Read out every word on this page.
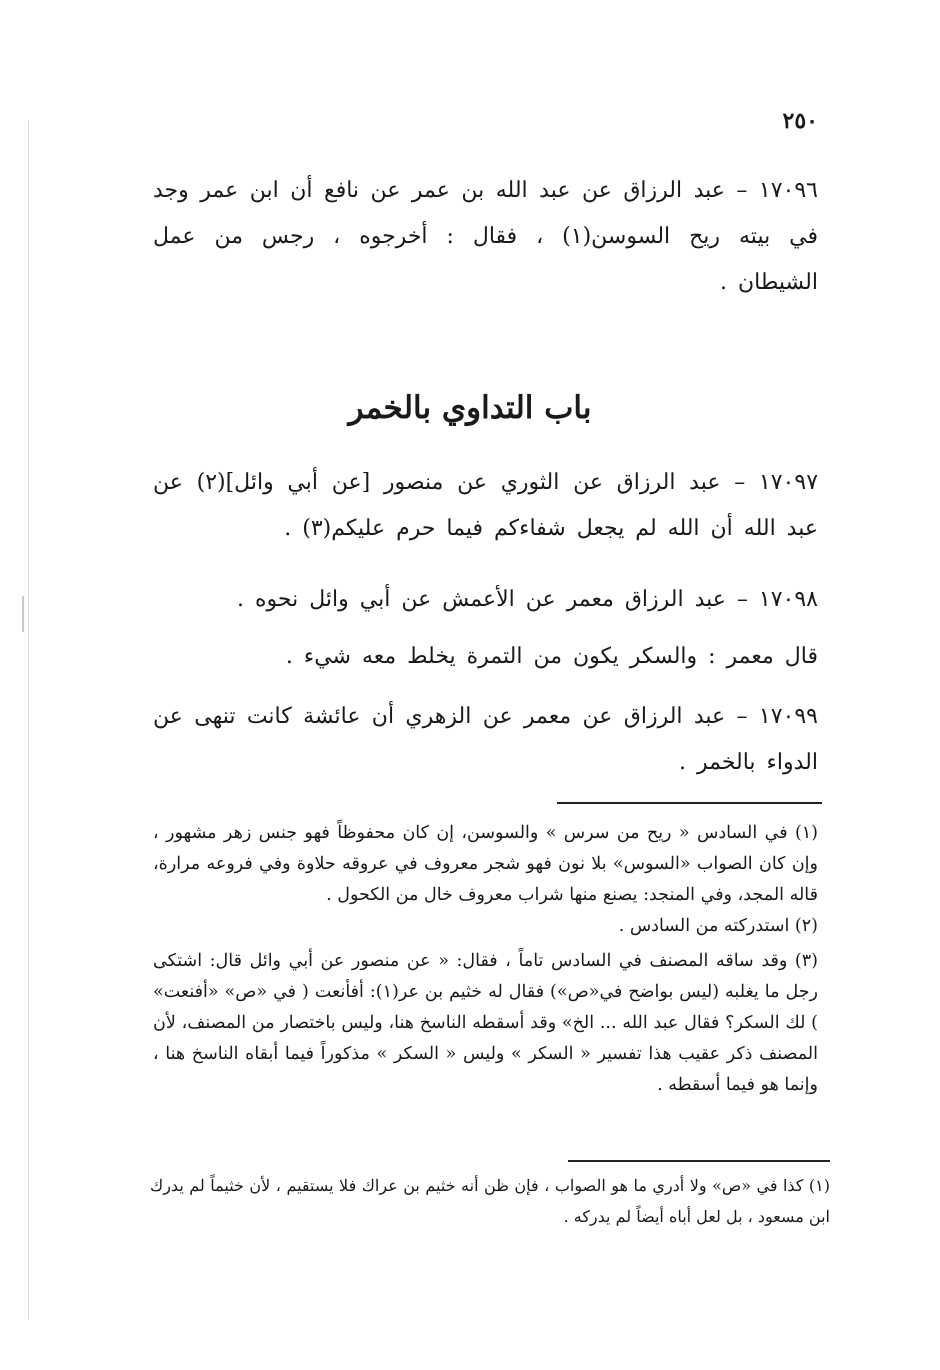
٢٥٠

١٧٠٩٦ – عبد الرزاق عن عبد الله بن عمر عن نافع أن ابن عمر وجد في بيته ريح السوسن(١) ، فقال : أخرجوه ، رجس من عمل الشيطان .

باب التداوي بالخمر

١٧٠٩٧ – عبد الرزاق عن الثوري عن منصور [عن أبي وائل](٢) عن عبد الله أن الله لم يجعل شفاءكم فيما حرم عليكم(٣) .

١٧٠٩٨ – عبد الرزاق معمر عن الأعمش عن أبي وائل نحوه .

قال معمر : والسكر يكون من التمرة يخلط معه شيء .

١٧٠٩٩ – عبد الرزاق عن معمر عن الزهري أن عائشة كانت تنهى عن الدواء بالخمر .

(١) في السادس « ريح من سرس » والسوسن، إن كان محفوظاً فهو جنس زهر مشهور ، وإن كان الصواب «السوس» بلا نون فهو شجر معروف في عروقه حلاوة وفي فروعه مرارة، قاله المجد، وفي المنجد: يصنع منها شراب معروف خال من الكحول .

(٢) استدركته من السادس .

(٣) وقد ساقه المصنف في السادس تاماً ، فقال: « عن منصور عن أبي وائل قال: اشتكى رجل ما يغلبه (ليس بواضح في«ص») فقال له خثيم بن عر(١): أفأنعت ( في «ص» «أفنعت» ) لك السكر؟ فقال عبد الله ... الخ» وقد أسقطه الناسخ هنا، وليس باختصار من المصنف، لأن المصنف ذكر عقيب هذا تفسير « السكر » وليس « السكر » مذكوراً فيما أبقاه الناسخ هنا ، وإنما هو فيما أسقطه .

(١) كذا في «ص» ولا أدري ما هو الصواب ، فإن ظن أنه خثيم بن عراك فلا يستقيم ، لأن خثيماً لم يدرك ابن مسعود ، بل لعل أباه أيضاً لم يدركه .
